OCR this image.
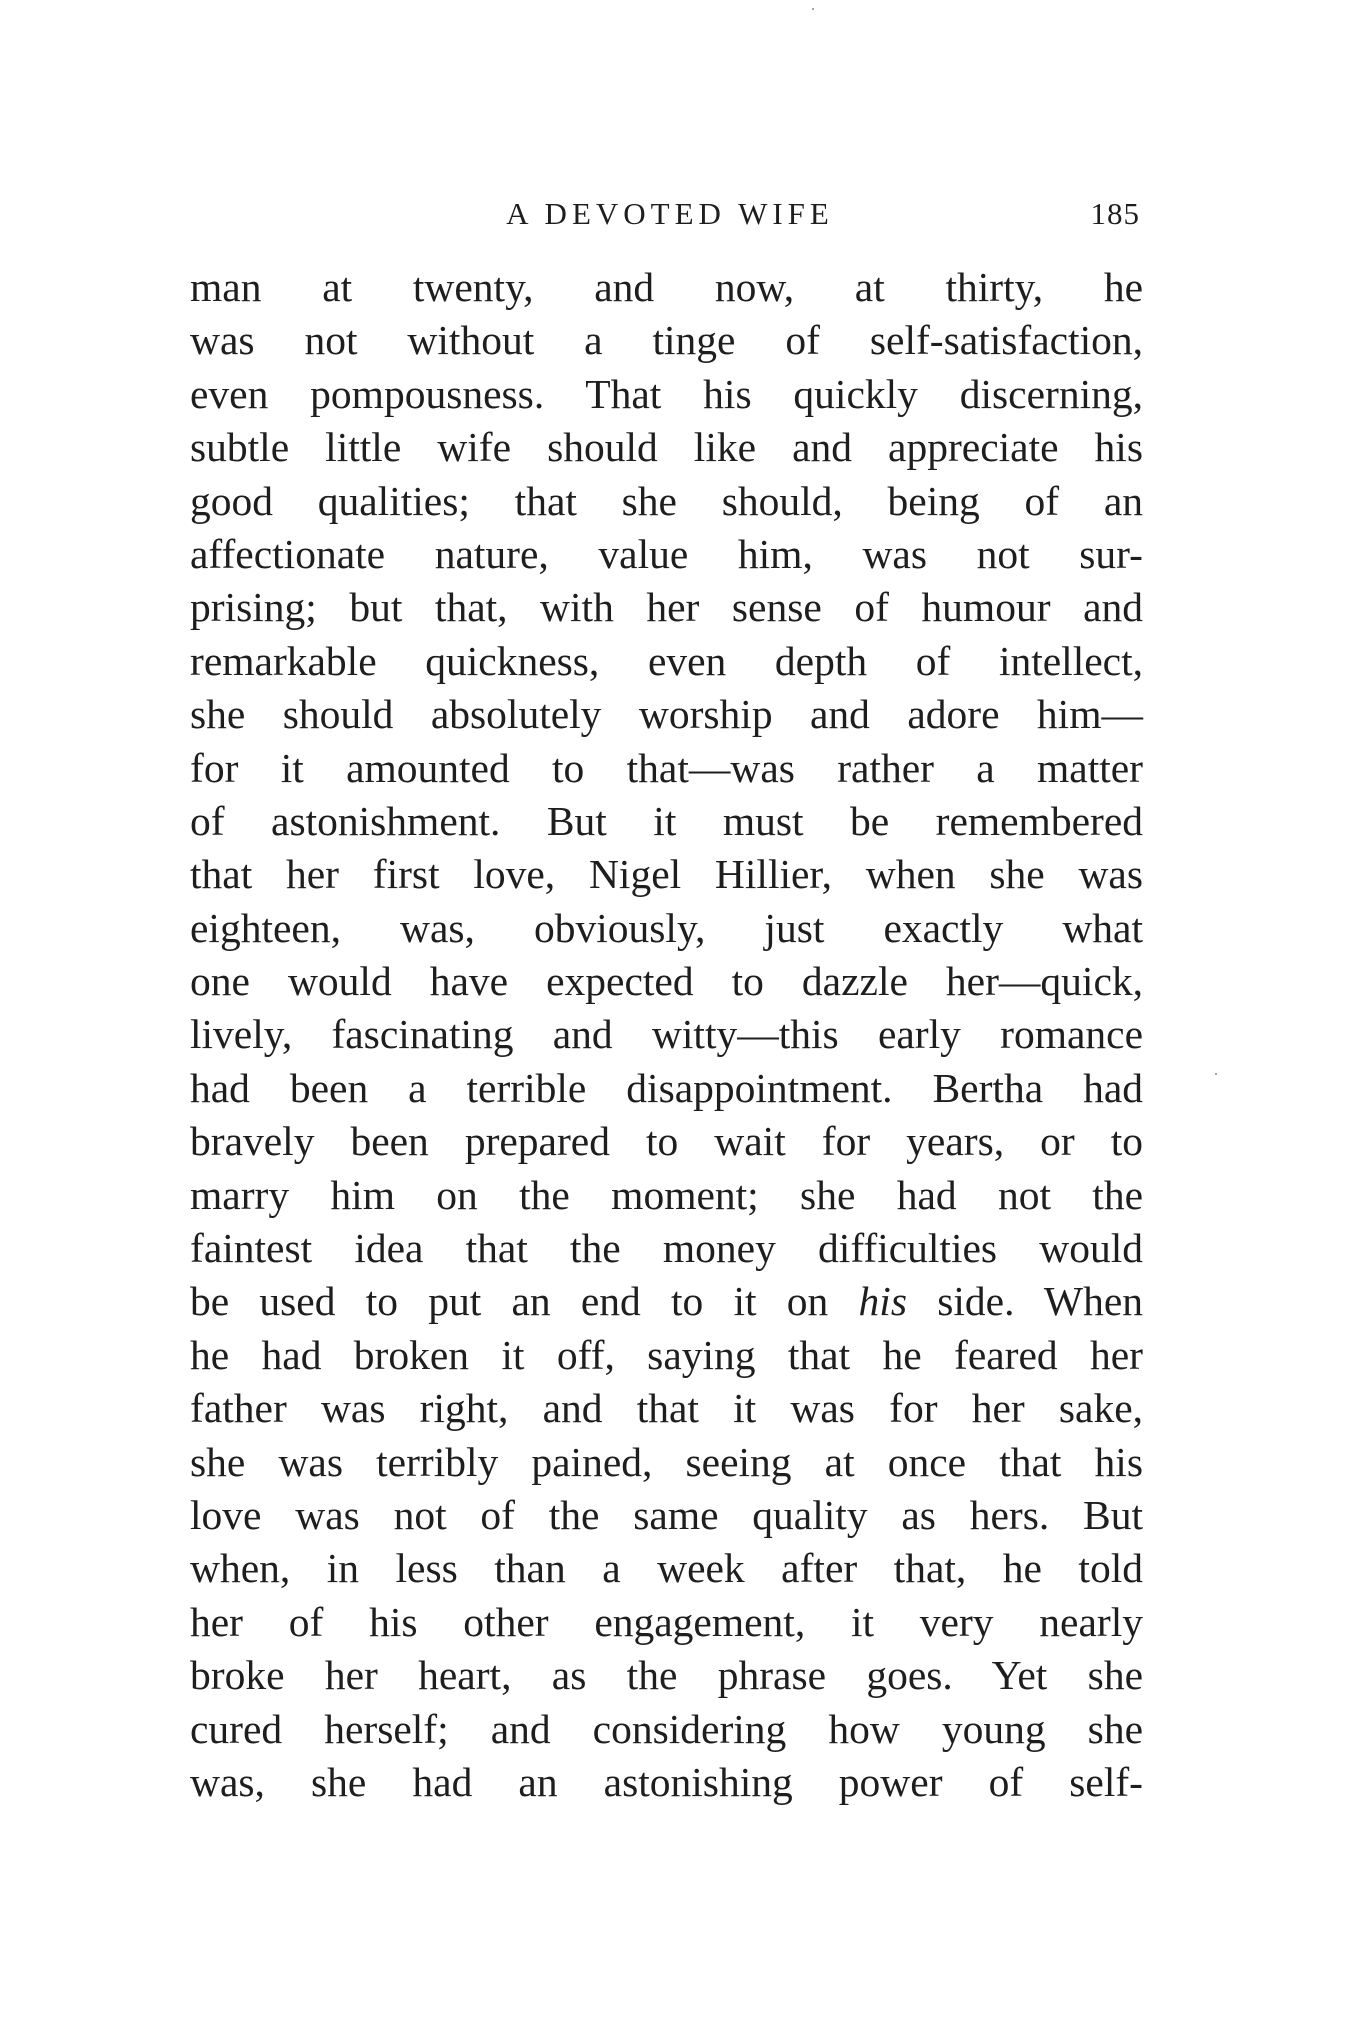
A DEVOTED WIFE	185
man at twenty, and now, at thirty, he
was not without a tinge of self-satisfaction,
even pompousness. That his quickly discerning,
subtle little wife should like and appreciate his
good qualities; that she should, being of an
affectionate nature, value him, was not sur-
prising; but that, with her sense of humour and
remarkable quickness, even depth of intellect,
she should absolutely worship and adore him—
for it amounted to that—was rather a matter
of astonishment. But it must be remembered
that her first love, Nigel Hillier, when she was
eighteen, was, obviously, just exactly what
one would have expected to dazzle her—quick,
lively, fascinating and witty—this early romance
had been a terrible disappointment. Bertha had
bravely been prepared to wait for years, or to
marry him on the moment; she had not the
faintest idea that the money difficulties would
be used to put an end to it on his side. When
he had broken it off, saying that he feared her
father was right, and that it was for her sake,
she was terribly pained, seeing at once that his
love was not of the same quality as hers. But
when, in less than a week after that, he told
her of his other engagement, it very nearly
broke her heart, as the phrase goes. Yet she
cured herself; and considering how young she
was, she had an astonishing power of self-
